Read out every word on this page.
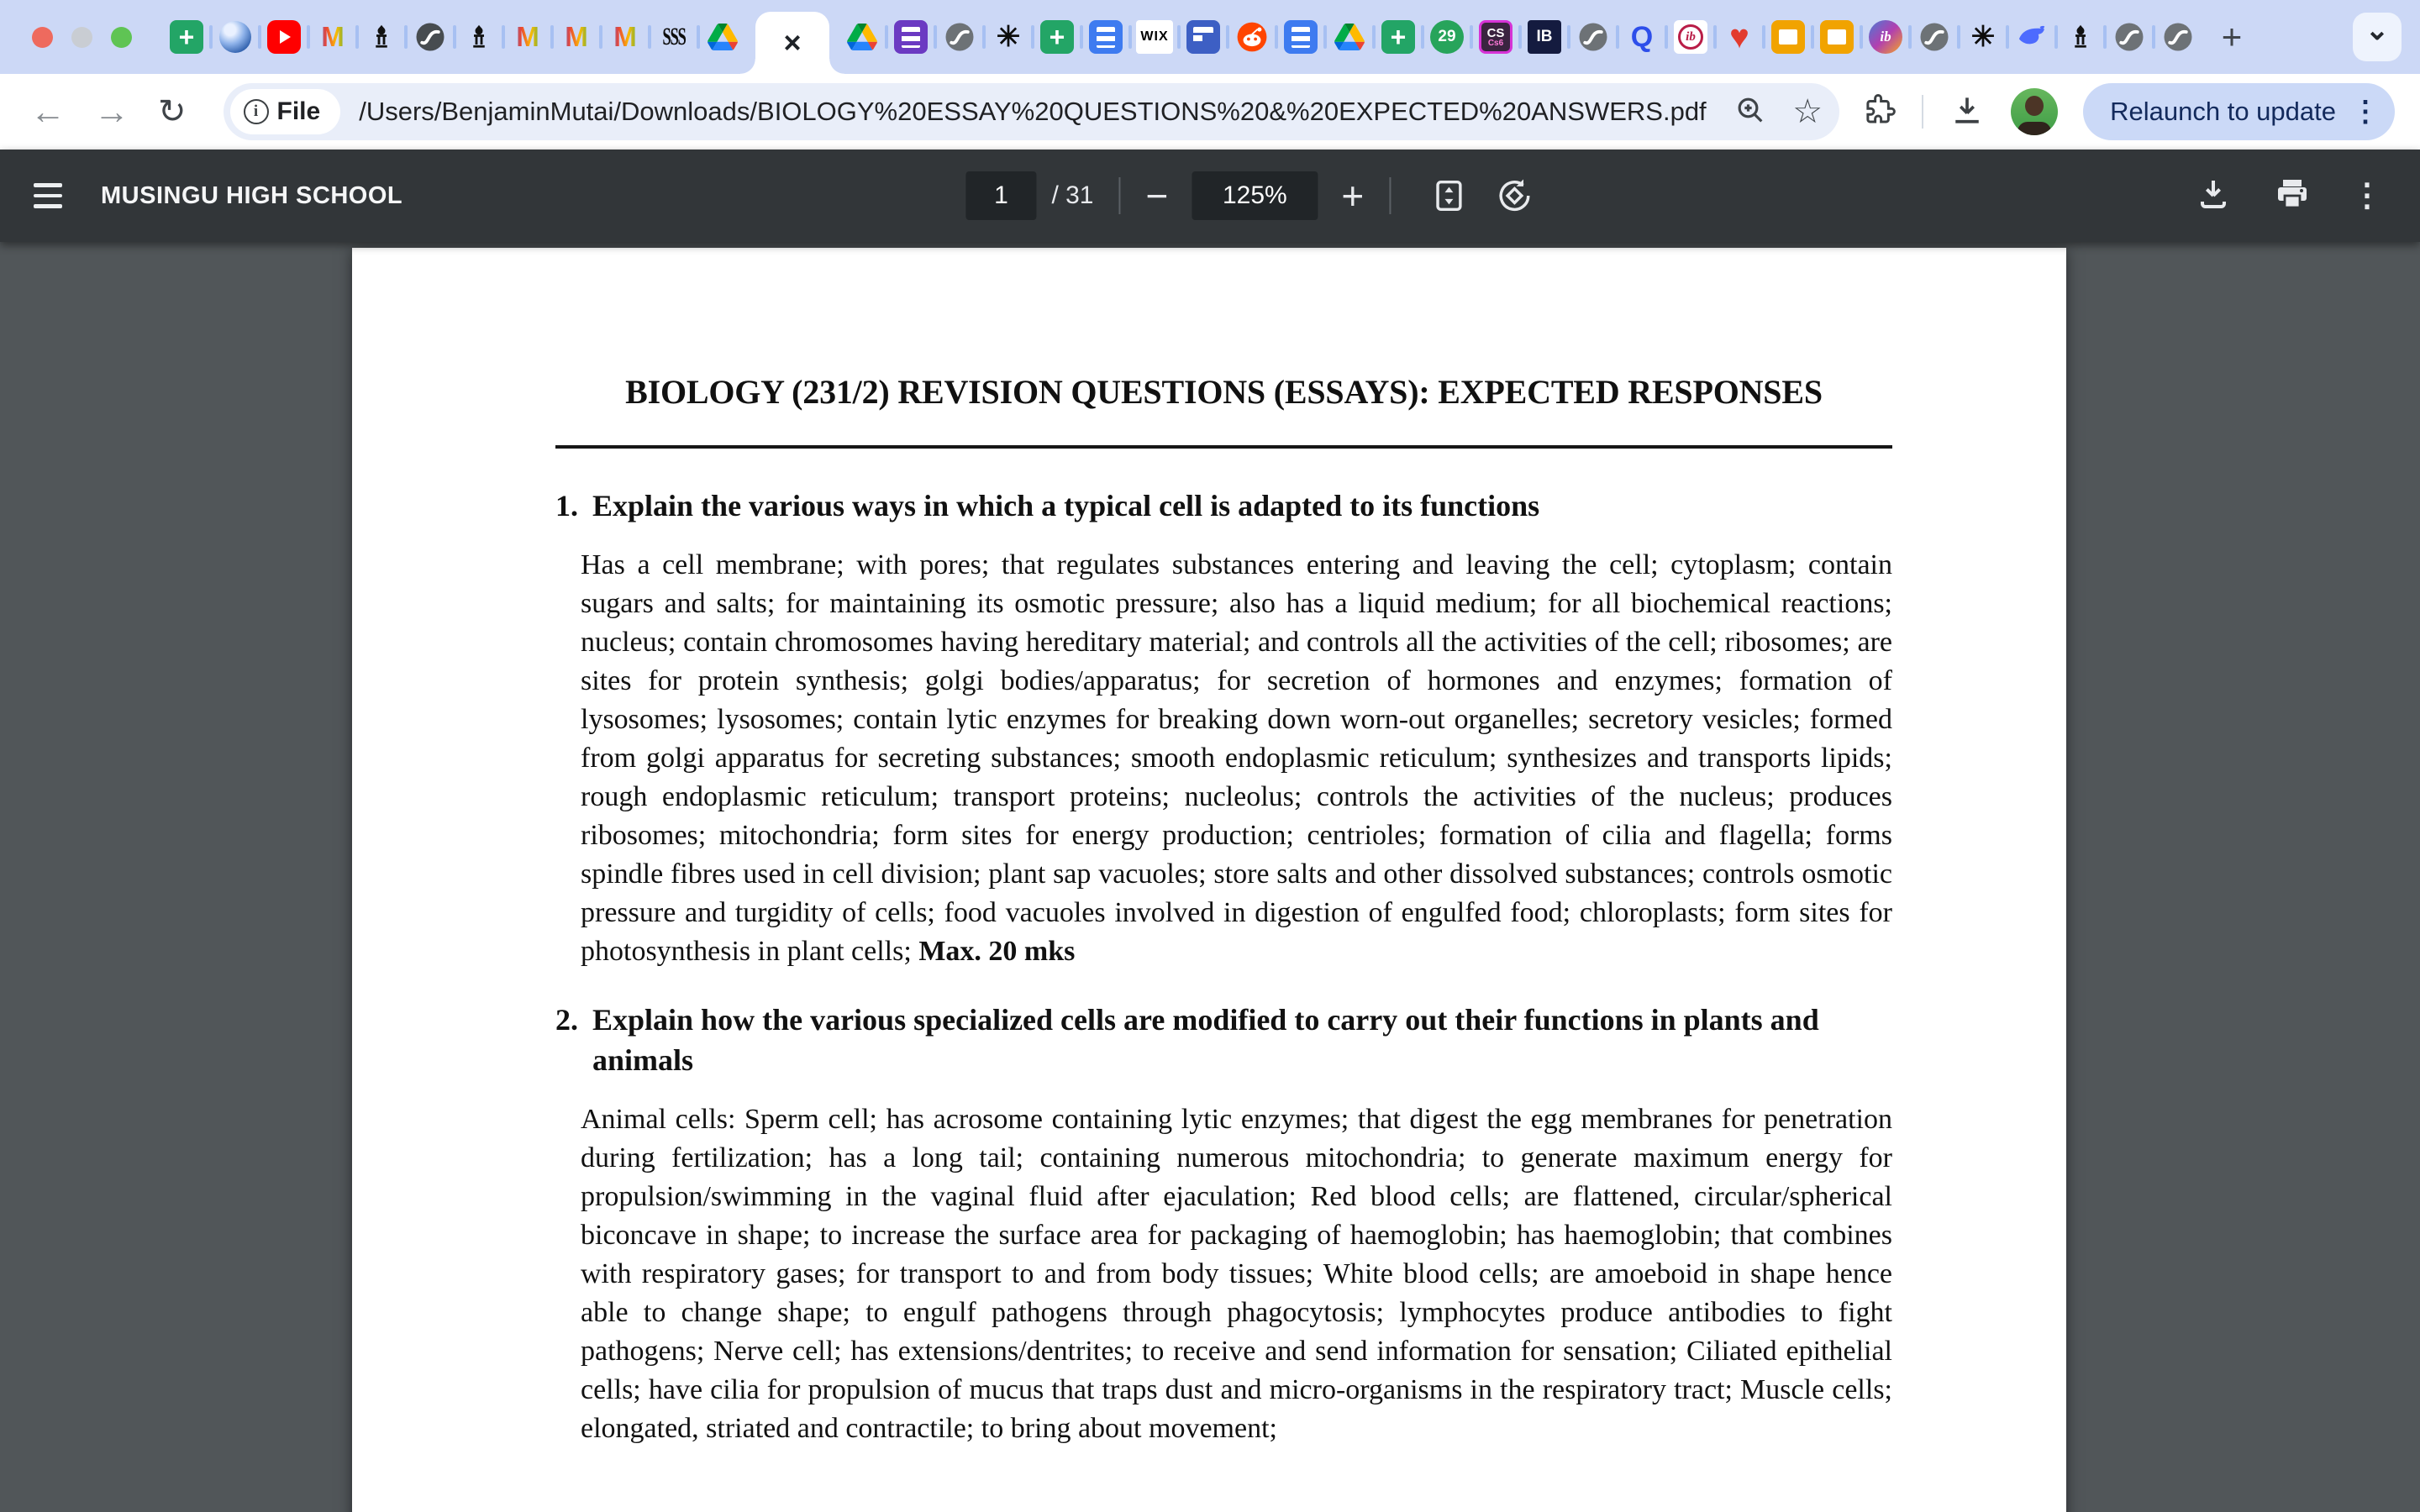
+	M	M M M SSS	×	✳	+	WIX	+	29	CS
Cs6	IB	Q	ib ♥	ib	✳	+	⌄
← → ↻	i File /Users/BenjaminMutai/Downloads/BIOLOGY%20ESSAY%20QUESTIONS%20&%20EXPECTED%20ANSWERS.pdf	☆	Relaunch to update ⋮
MUSINGU HIGH SCHOOL	1	/ 31 −	125%	+	⋮
BIOLOGY (231/2) REVISION QUESTIONS (ESSAYS): EXPECTED RESPONSES
1. Explain the various ways in which a typical cell is adapted to its functions

Has a cell membrane; with pores; that regulates substances entering and leaving the cell; cytoplasm; contain sugars and salts; for maintaining its osmotic pressure; also has a liquid medium; for all biochemical reactions; nucleus; contain chromosomes having hereditary material; and controls all the activities of the cell; ribosomes; are sites for protein synthesis; golgi bodies/apparatus; for secretion of hormones and enzymes; formation of lysosomes; lysosomes; contain lytic enzymes for breaking down worn-out organelles; secretory vesicles; formed from golgi apparatus for secreting substances; smooth endoplasmic reticulum; synthesizes and transports lipids; rough endoplasmic reticulum; transport proteins; nucleolus; controls the activities of the nucleus; produces ribosomes; mitochondria; form sites for energy production; centrioles; formation of cilia and flagella; forms spindle fibres used in cell division; plant sap vacuoles; store salts and other dissolved substances; controls osmotic pressure and turgidity of cells; food vacuoles involved in digestion of engulfed food; chloroplasts; form sites for photosynthesis in plant cells; Max. 20 mks

2. Explain how the various specialized cells are modified to carry out their functions in plants and animals

Animal cells: Sperm cell; has acrosome containing lytic enzymes; that digest the egg membranes for penetration during fertilization; has a long tail; containing numerous mitochondria; to generate maximum energy for propulsion/swimming in the vaginal fluid after ejaculation; Red blood cells; are flattened, circular/spherical biconcave in shape; to increase the surface area for packaging of haemoglobin; has haemoglobin; that combines with respiratory gases; for transport to and from body tissues; White blood cells; are amoeboid in shape hence able to change shape; to engulf pathogens through phagocytosis; lymphocytes produce antibodies to fight pathogens; Nerve cell; has extensions/dentrites; to receive and send information for sensation; Ciliated epithelial cells; have cilia for propulsion of mucus that traps dust and micro-organisms in the respiratory tract; Muscle cells; elongated, striated and contractile; to bring about movement;
